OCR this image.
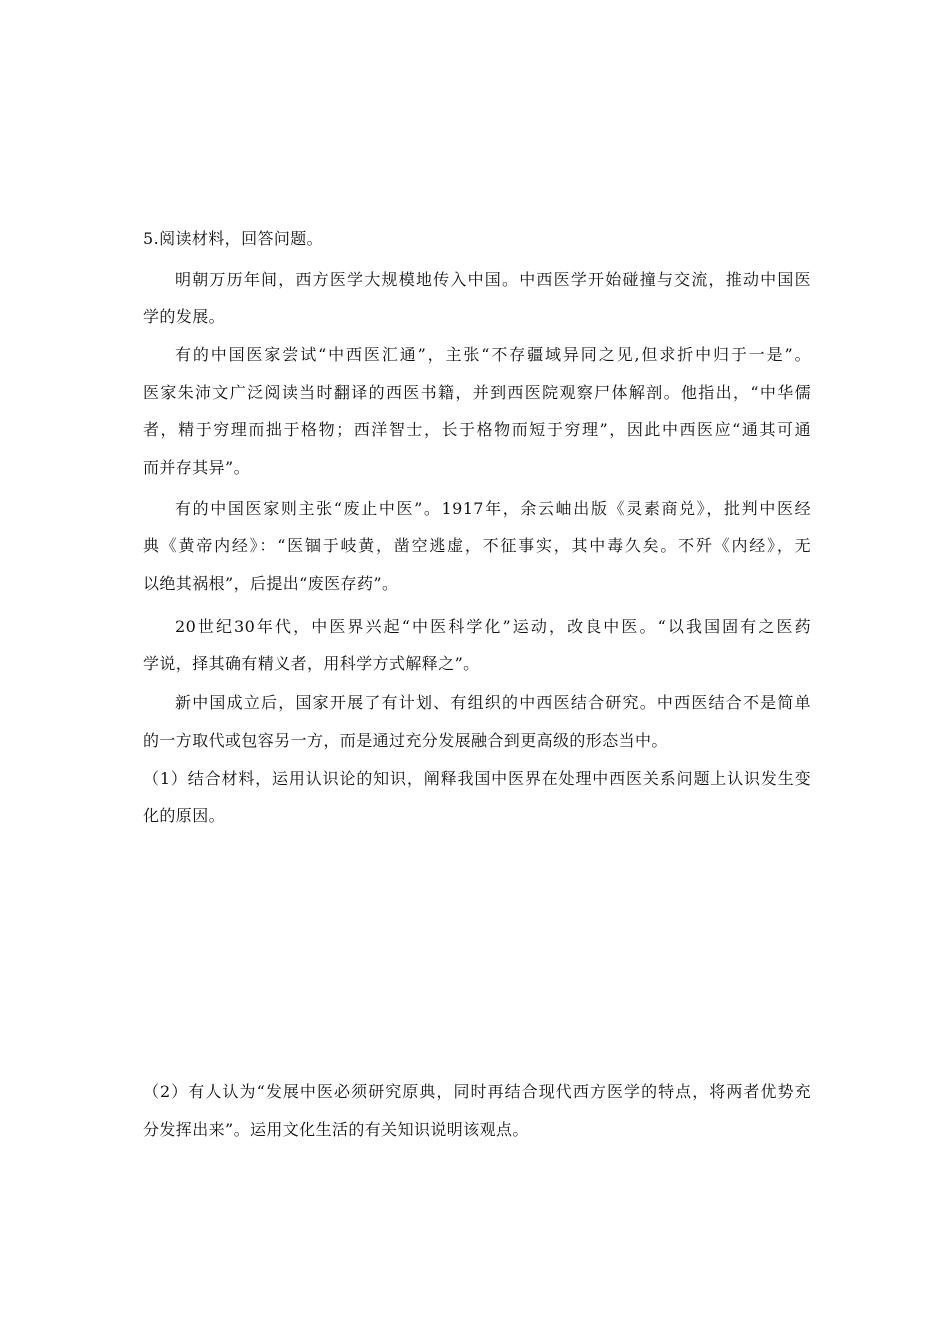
5.阅读材料，回答问题。
明朝万历年间，西方医学大规模地传入中国。中西医学开始碰撞与交流，推动中国医
学的发展。
有的中国医家尝试“中西医汇通”，主张“不存疆域异同之见,但求折中归于一是”。
医家朱沛文广泛阅读当时翻译的西医书籍，并到西医院观察尸体解剖。他指出，“中华儒
者，精于穷理而拙于格物；西洋智士，长于格物而短于穷理”，因此中西医应“通其可通
而并存其异”。
有的中国医家则主张“废止中医”。1917年，余云岫出版《灵素商兑》，批判中医经
典《黄帝内经》：“医锢于岐黄，凿空逃虚，不征事实，其中毒久矣。不歼《内经》，无
以绝其祸根”，后提出“废医存药”。
20世纪30年代，中医界兴起“中医科学化”运动，改良中医。“以我国固有之医药
学说，择其确有精义者，用科学方式解释之”。
新中国成立后，国家开展了有计划、有组织的中西医结合研究。中西医结合不是简单
的一方取代或包容另一方，而是通过充分发展融合到更高级的形态当中。
（1）结合材料，运用认识论的知识，阐释我国中医界在处理中西医关系问题上认识发生变
化的原因。
（2）有人认为“发展中医必须研究原典，同时再结合现代西方医学的特点，将两者优势充
分发挥出来”。运用文化生活的有关知识说明该观点。
